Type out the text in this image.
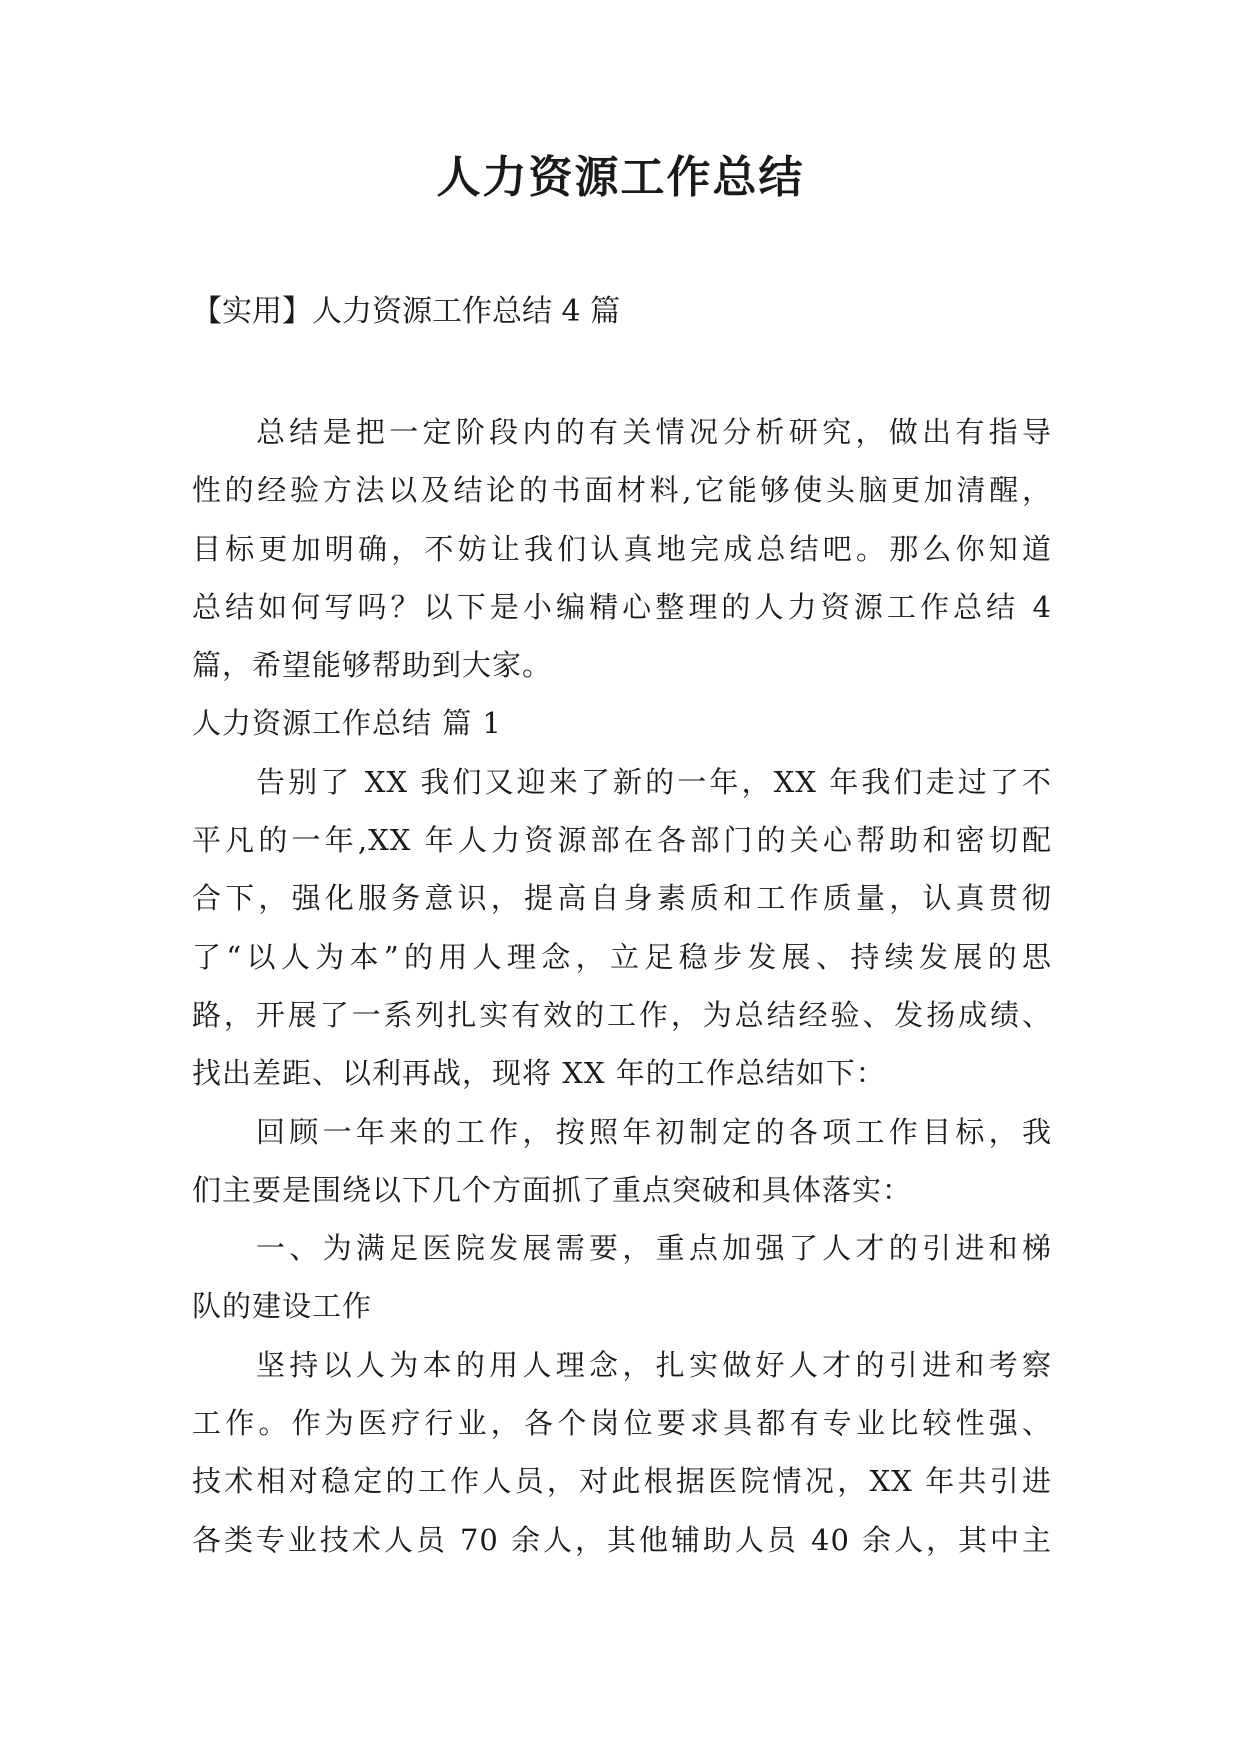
人力资源工作总结

【实用】人力资源工作总结 4 篇

总结是把一定阶段内的有关情况分析研究，做出有指导
性的经验方法以及结论的书面材料,它能够使头脑更加清醒，
目标更加明确，不妨让我们认真地完成总结吧。那么你知道
总结如何写吗？以下是小编精心整理的人力资源工作总结 4
篇，希望能够帮助到大家。
人力资源工作总结 篇 1
告别了 XX 我们又迎来了新的一年，XX 年我们走过了不
平凡的一年,XX 年人力资源部在各部门的关心帮助和密切配
合下，强化服务意识，提高自身素质和工作质量，认真贯彻
了“以人为本”的用人理念，立足稳步发展、持续发展的思
路，开展了一系列扎实有效的工作，为总结经验、发扬成绩、
找出差距、以利再战，现将 XX 年的工作总结如下：
回顾一年来的工作，按照年初制定的各项工作目标，我
们主要是围绕以下几个方面抓了重点突破和具体落实：
一、为满足医院发展需要，重点加强了人才的引进和梯
队的建设工作
坚持以人为本的用人理念，扎实做好人才的引进和考察
工作。作为医疗行业，各个岗位要求具都有专业比较性强、
技术相对稳定的工作人员，对此根据医院情况，XX 年共引进
各类专业技术人员 70 余人，其他辅助人员 40 余人，其中主
